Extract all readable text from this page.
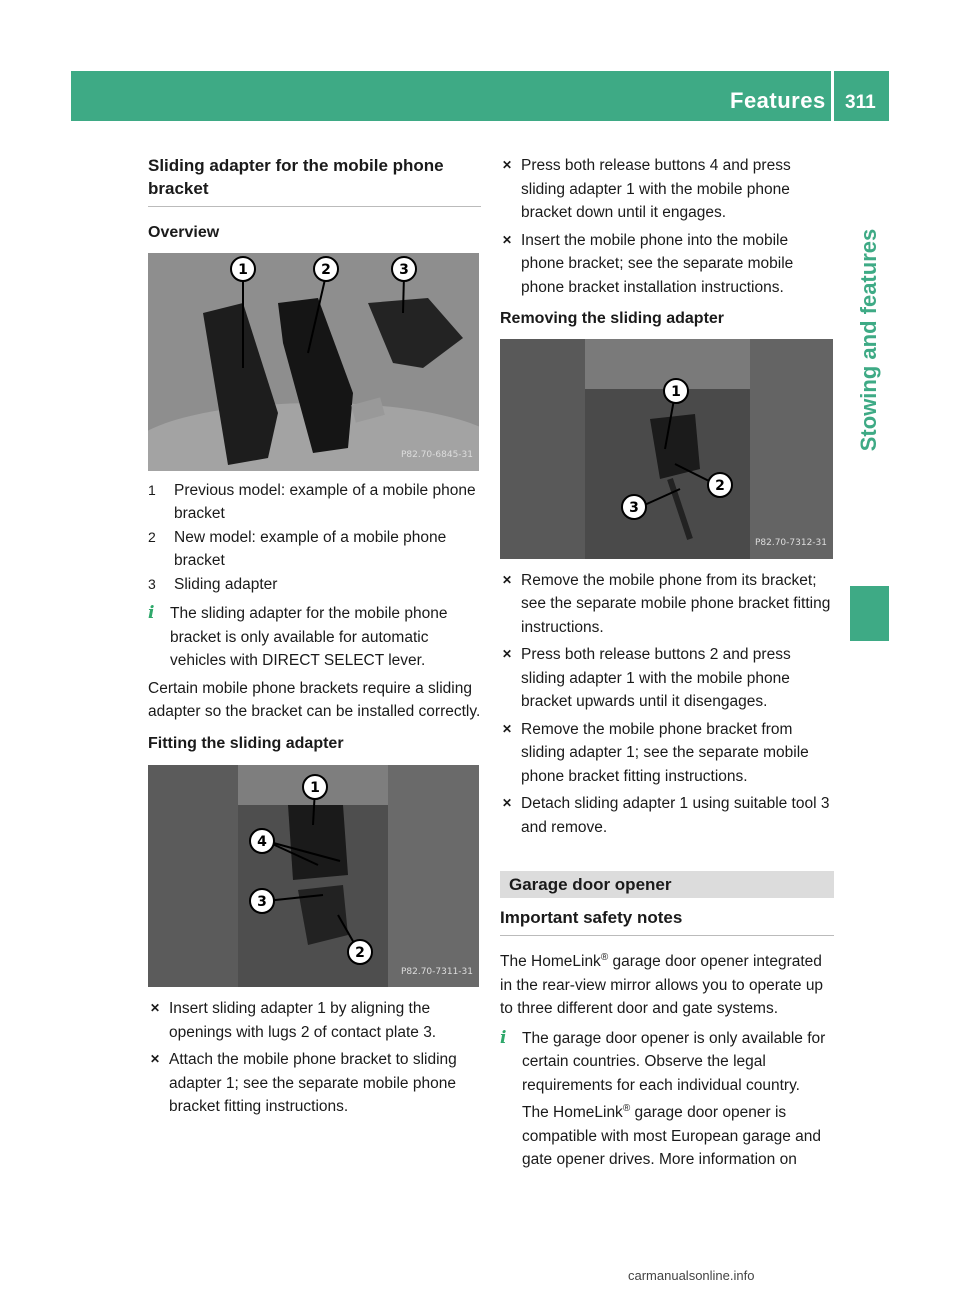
Features 311
Stowing and features
Sliding adapter for the mobile phone bracket

Overview

1	2	3
P82.70-6845-31
1	Previous model: example of a mobile phone bracket
2	New model: example of a mobile phone bracket
3	Sliding adapter
i	The sliding adapter for the mobile phone bracket is only available for automatic vehicles with DIRECT SELECT lever.

Certain mobile phone brackets require a sliding adapter so the bracket can be installed correctly.

Fitting the sliding adapter

1
4
3
2
P82.70-7311-31
✕ Insert sliding adapter 1 by aligning the openings with lugs 2 of contact plate 3.
✕ Attach the mobile phone bracket to sliding adapter 1; see the separate mobile phone bracket fitting instructions.
✕ Press both release buttons 4 and press sliding adapter 1 with the mobile phone bracket down until it engages.
✕ Insert the mobile phone into the mobile phone bracket; see the separate mobile phone bracket installation instructions.

Removing the sliding adapter

1
2
3
P82.70-7312-31
✕ Remove the mobile phone from its bracket; see the separate mobile phone bracket fitting instructions.
✕ Press both release buttons 2 and press sliding adapter 1 with the mobile phone bracket upwards until it disengages.
✕ Remove the mobile phone bracket from sliding adapter 1; see the separate mobile phone bracket fitting instructions.
✕ Detach sliding adapter 1 using suitable tool 3 and remove.
Garage door opener
Important safety notes

The HomeLink® garage door opener integrated in the rear-view mirror allows you to operate up to three different door and gate systems.

i	The garage door opener is only available for certain countries. Observe the legal requirements for each individual country.

The HomeLink® garage door opener is compatible with most European garage and gate opener drives. More information on

carmanualsonline.info
